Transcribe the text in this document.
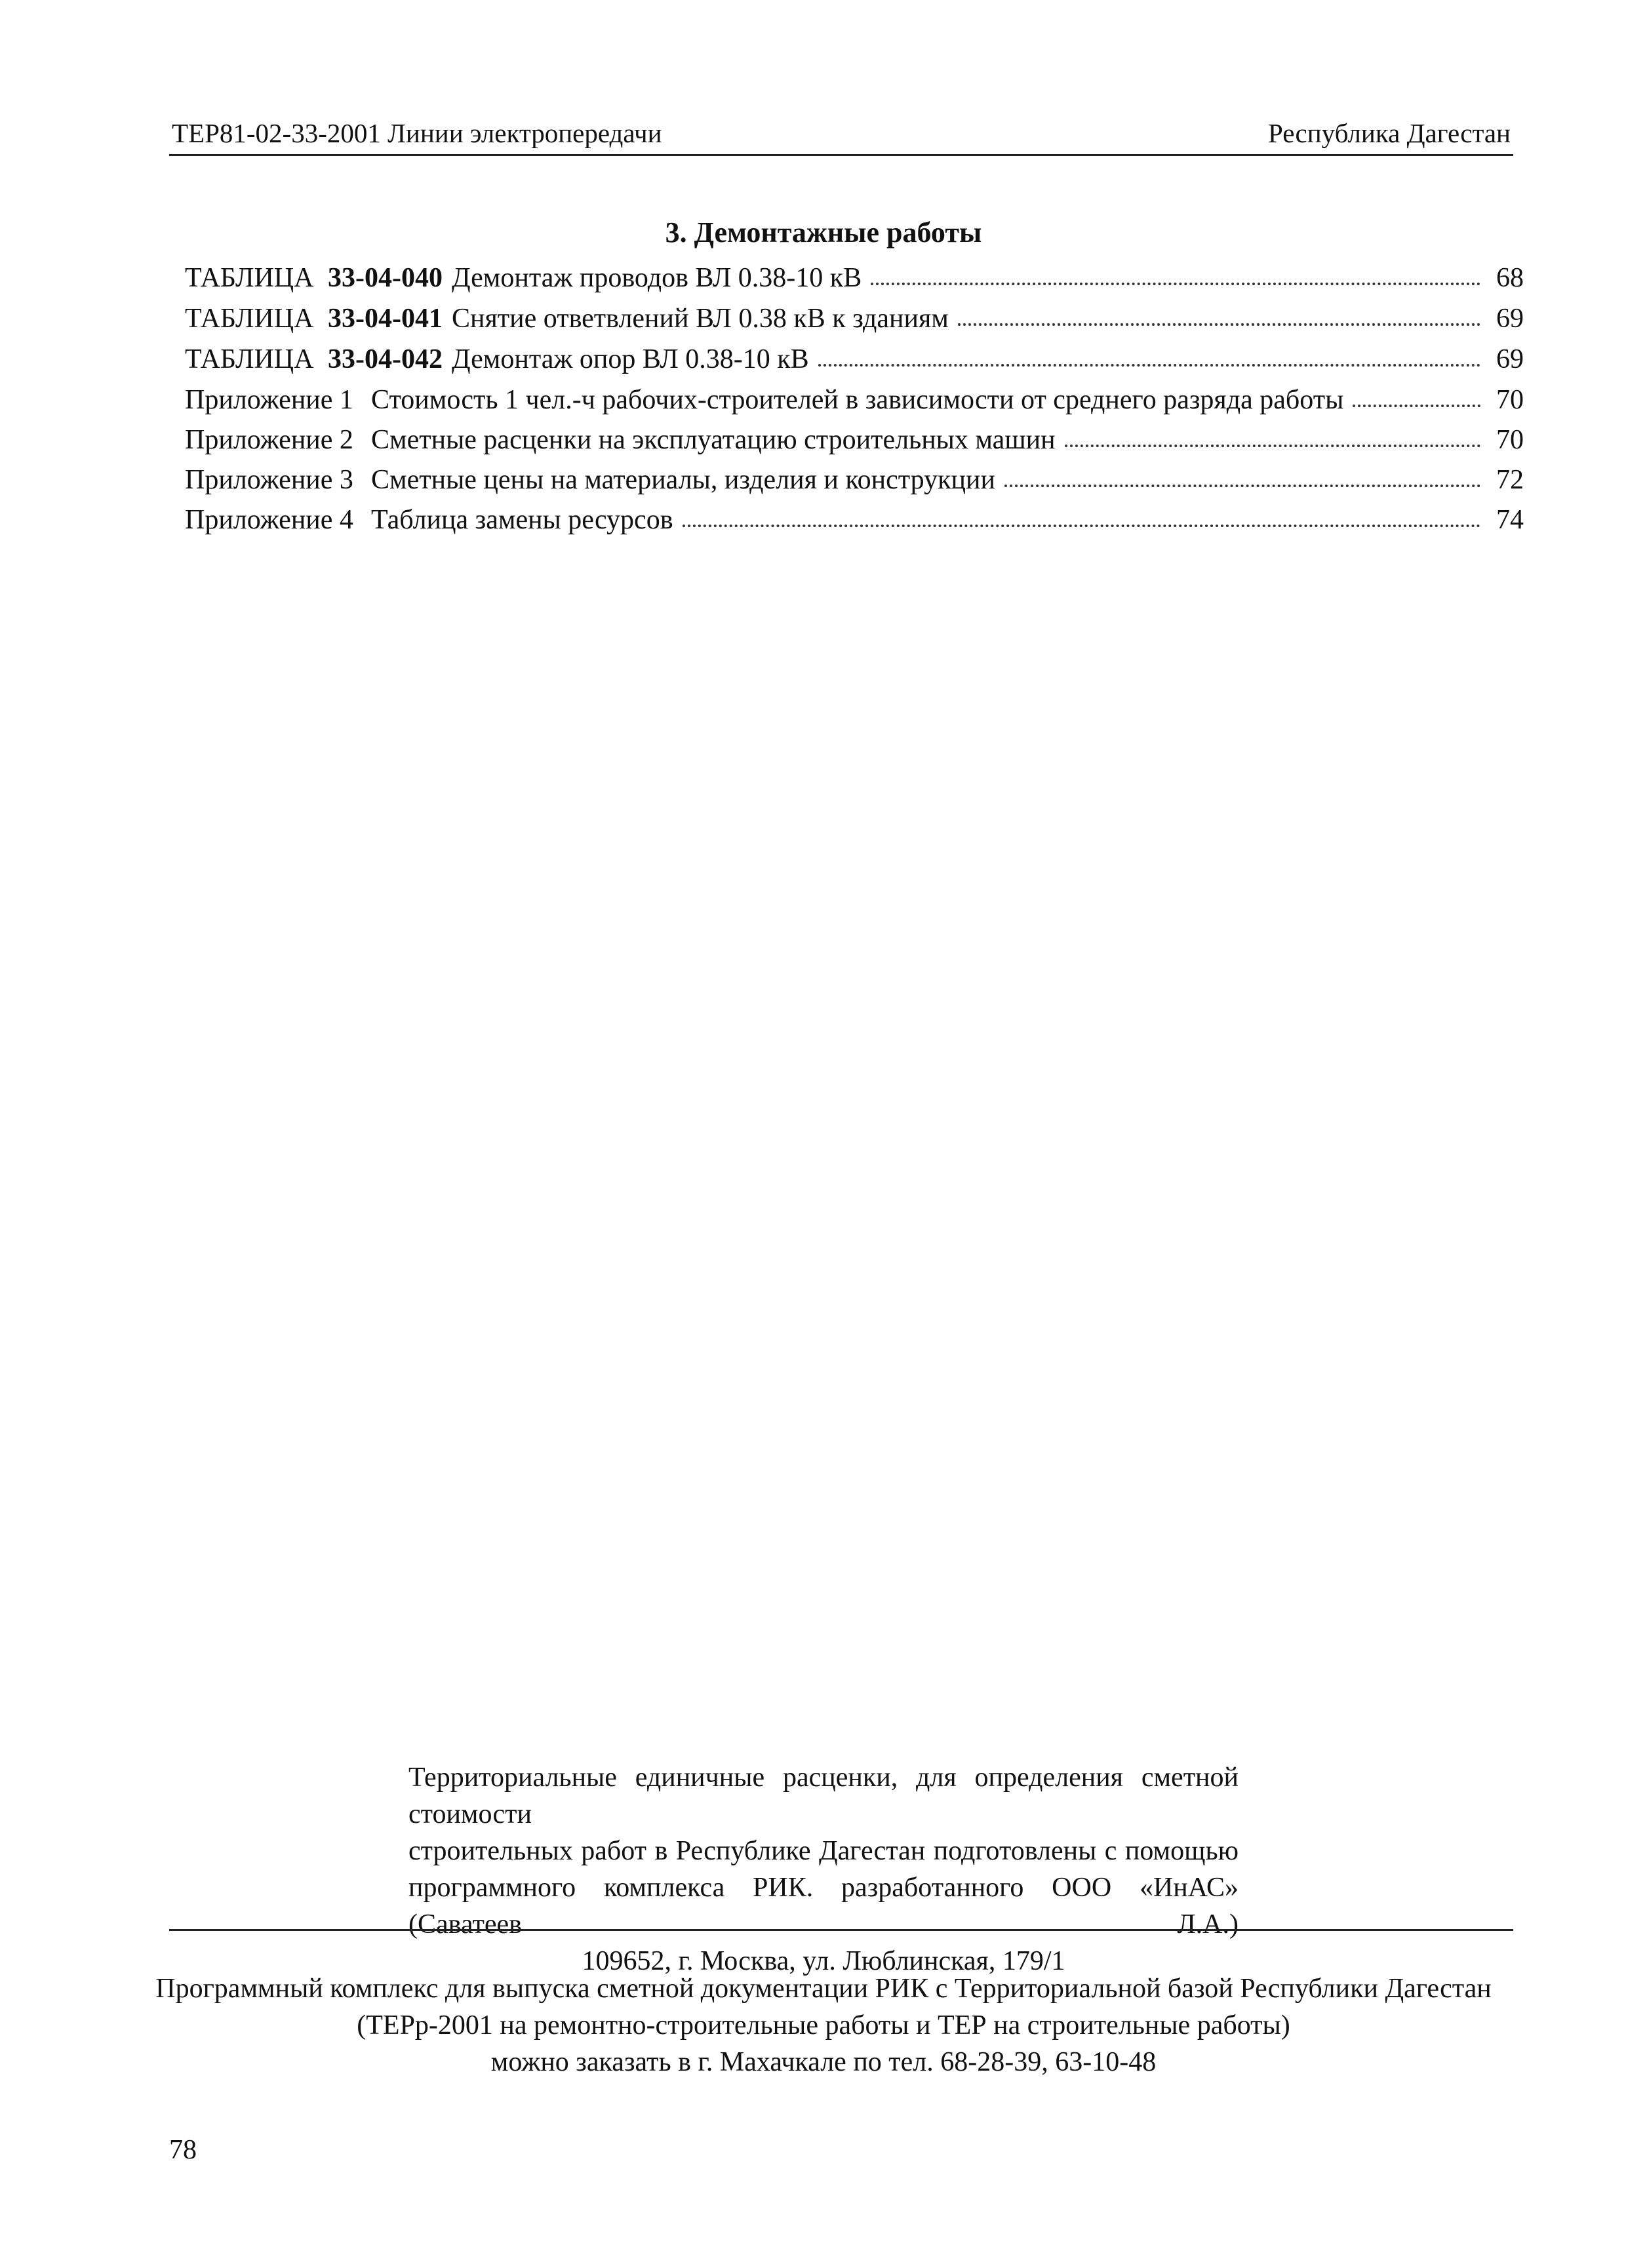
ТЕР81-02-33-2001 Линии электропередачи	Республика Дагестан
3. Демонтажные работы
ТАБЛИЦА 33-04-040 Демонтаж проводов ВЛ 0.38-10 кВ	68
ТАБЛИЦА 33-04-041 Снятие ответвлений ВЛ 0.38 кВ к зданиям	69
ТАБЛИЦА 33-04-042 Демонтаж опор ВЛ 0.38-10 кВ	69
Приложение 1 Стоимость 1 чел.-ч рабочих-строителей в зависимости от среднего разряда работы	70
Приложение 2 Сметные расценки на эксплуатацию строительных машин	70
Приложение 3 Сметные цены на материалы, изделия и конструкции	72
Приложение 4 Таблица замены ресурсов	74
Территориальные единичные расценки, для определения сметной стоимости
строительных работ в Республике Дагестан подготовлены с помощью
программного комплекса РИК. разработанного ООО «ИнАС» (Саватеев Л.А.)
109652, г. Москва, ул. Люблинская, 179/1
Программный комплекс для выпуска сметной документации РИК с Территориальной базой Республики Дагестан
(ТЕРр-2001 на ремонтно-строительные работы и ТЕР на строительные работы)
можно заказать в г. Махачкале по тел. 68-28-39, 63-10-48
78
